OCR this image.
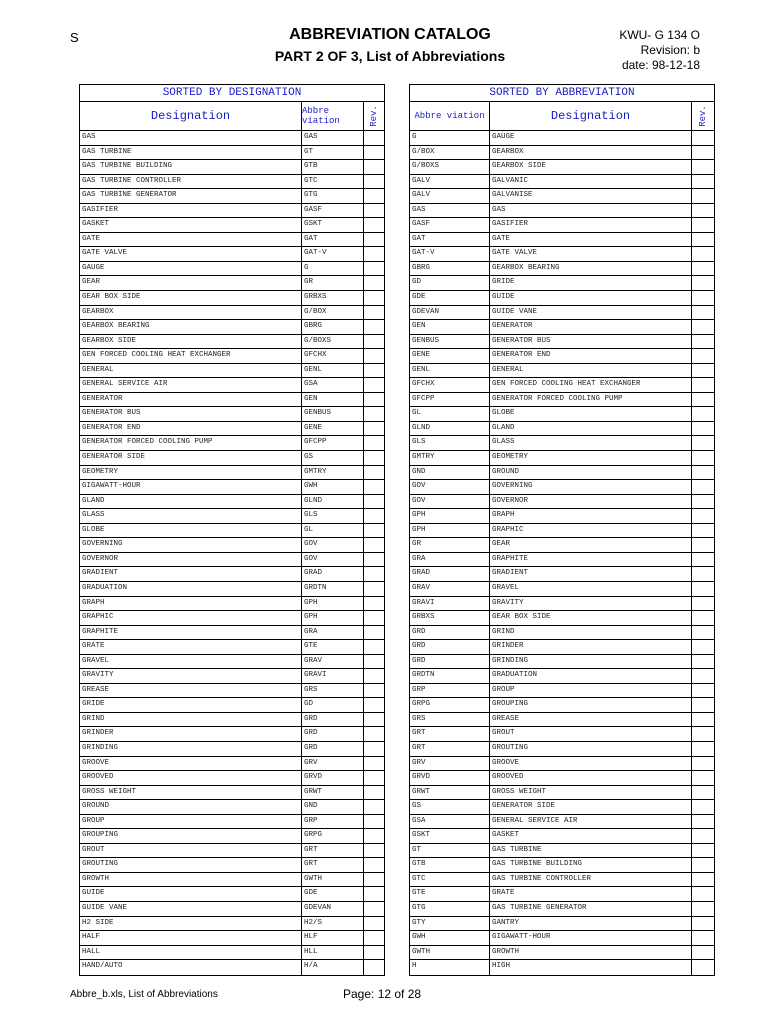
S	ABBREVIATION CATALOG
PART 2 OF 3, List of Abbreviations
KWU- G 134 O
Revision: b
date: 98-12-18
SORTED BY DESIGNATION
Designation	Abbre viation	Rev.
GAS	GAS
GAS TURBINE	GT
GAS TURBINE BUILDING	GTB
GAS TURBINE CONTROLLER	GTC
GAS TURBINE GENERATOR	GTG
GASIFIER	GASF
GASKET	GSKT
GATE	GAT
GATE VALVE	GAT-V
GAUGE	G
GEAR	GR
GEAR BOX SIDE	GRBXS
GEARBOX	G/BOX
GEARBOX BEARING	GBRG
GEARBOX SIDE	G/BOXS
GEN FORCED COOLING HEAT EXCHANGER	GFCHX
GENERAL	GENL
GENERAL SERVICE AIR	GSA
GENERATOR	GEN
GENERATOR BUS	GENBUS
GENERATOR END	GENE
GENERATOR FORCED COOLING PUMP	GFCPP
GENERATOR SIDE	GS
GEOMETRY	GMTRY
GIGAWATT-HOUR	GWH
GLAND	GLND
GLASS	GLS
GLOBE	GL
GOVERNING	GOV
GOVERNOR	GOV
GRADIENT	GRAD
GRADUATION	GRDTN
GRAPH	GPH
GRAPHIC	GPH
GRAPHITE	GRA
GRATE	GTE
GRAVEL	GRAV
GRAVITY	GRAVI
GREASE	GRS
GRIDE	GD
GRIND	GRD
GRINDER	GRD
GRINDING	GRD
GROOVE	GRV
GROOVED	GRVD
GROSS WEIGHT	GRWT
GROUND	GND
GROUP	GRP
GROUPING	GRPG
GROUT	GRT
GROUTING	GRT
GROWTH	GWTH
GUIDE	GDE
GUIDE VANE	GDEVAN
H2 SIDE	H2/S
HALF	HLF
HALL	HLL
HAND/AUTO	H/A
SORTED BY ABBREVIATION
Abbre viation	Designation	Rev.
G	GAUGE
G/BOX	GEARBOX
G/BOXS	GEARBOX SIDE
GALV	GALVANIC
GALV	GALVANISE
GAS	GAS
GASF	GASIFIER
GAT	GATE
GAT-V	GATE VALVE
GBRG	GEARBOX BEARING
GD	GRIDE
GDE	GUIDE
GDEVAN	GUIDE VANE
GEN	GENERATOR
GENBUS	GENERATOR BUS
GENE	GENERATOR END
GENL	GENERAL
GFCHX	GEN FORCED COOLING HEAT EXCHANGER
GFCPP	GENERATOR FORCED COOLING PUMP
GL	GLOBE
GLND	GLAND
GLS	GLASS
GMTRY	GEOMETRY
GND	GROUND
GOV	GOVERNING
GOV	GOVERNOR
GPH	GRAPH
GPH	GRAPHIC
GR	GEAR
GRA	GRAPHITE
GRAD	GRADIENT
GRAV	GRAVEL
GRAVI	GRAVITY
GRBXS	GEAR BOX SIDE
GRD	GRIND
GRD	GRINDER
GRD	GRINDING
GRDTN	GRADUATION
GRP	GROUP
GRPG	GROUPING
GRS	GREASE
GRT	GROUT
GRT	GROUTING
GRV	GROOVE
GRVD	GROOVED
GRWT	GROSS WEIGHT
GS	GENERATOR SIDE
GSA	GENERAL SERVICE AIR
GSKT	GASKET
GT	GAS TURBINE
GTB	GAS TURBINE BUILDING
GTC	GAS TURBINE CONTROLLER
GTE	GRATE
GTG	GAS TURBINE GENERATOR
GTY	GANTRY
GWH	GIGAWATT-HOUR
GWTH	GROWTH
H	HIGH
Abbre_b.xls, List of Abbreviations	Page: 12 of 28
